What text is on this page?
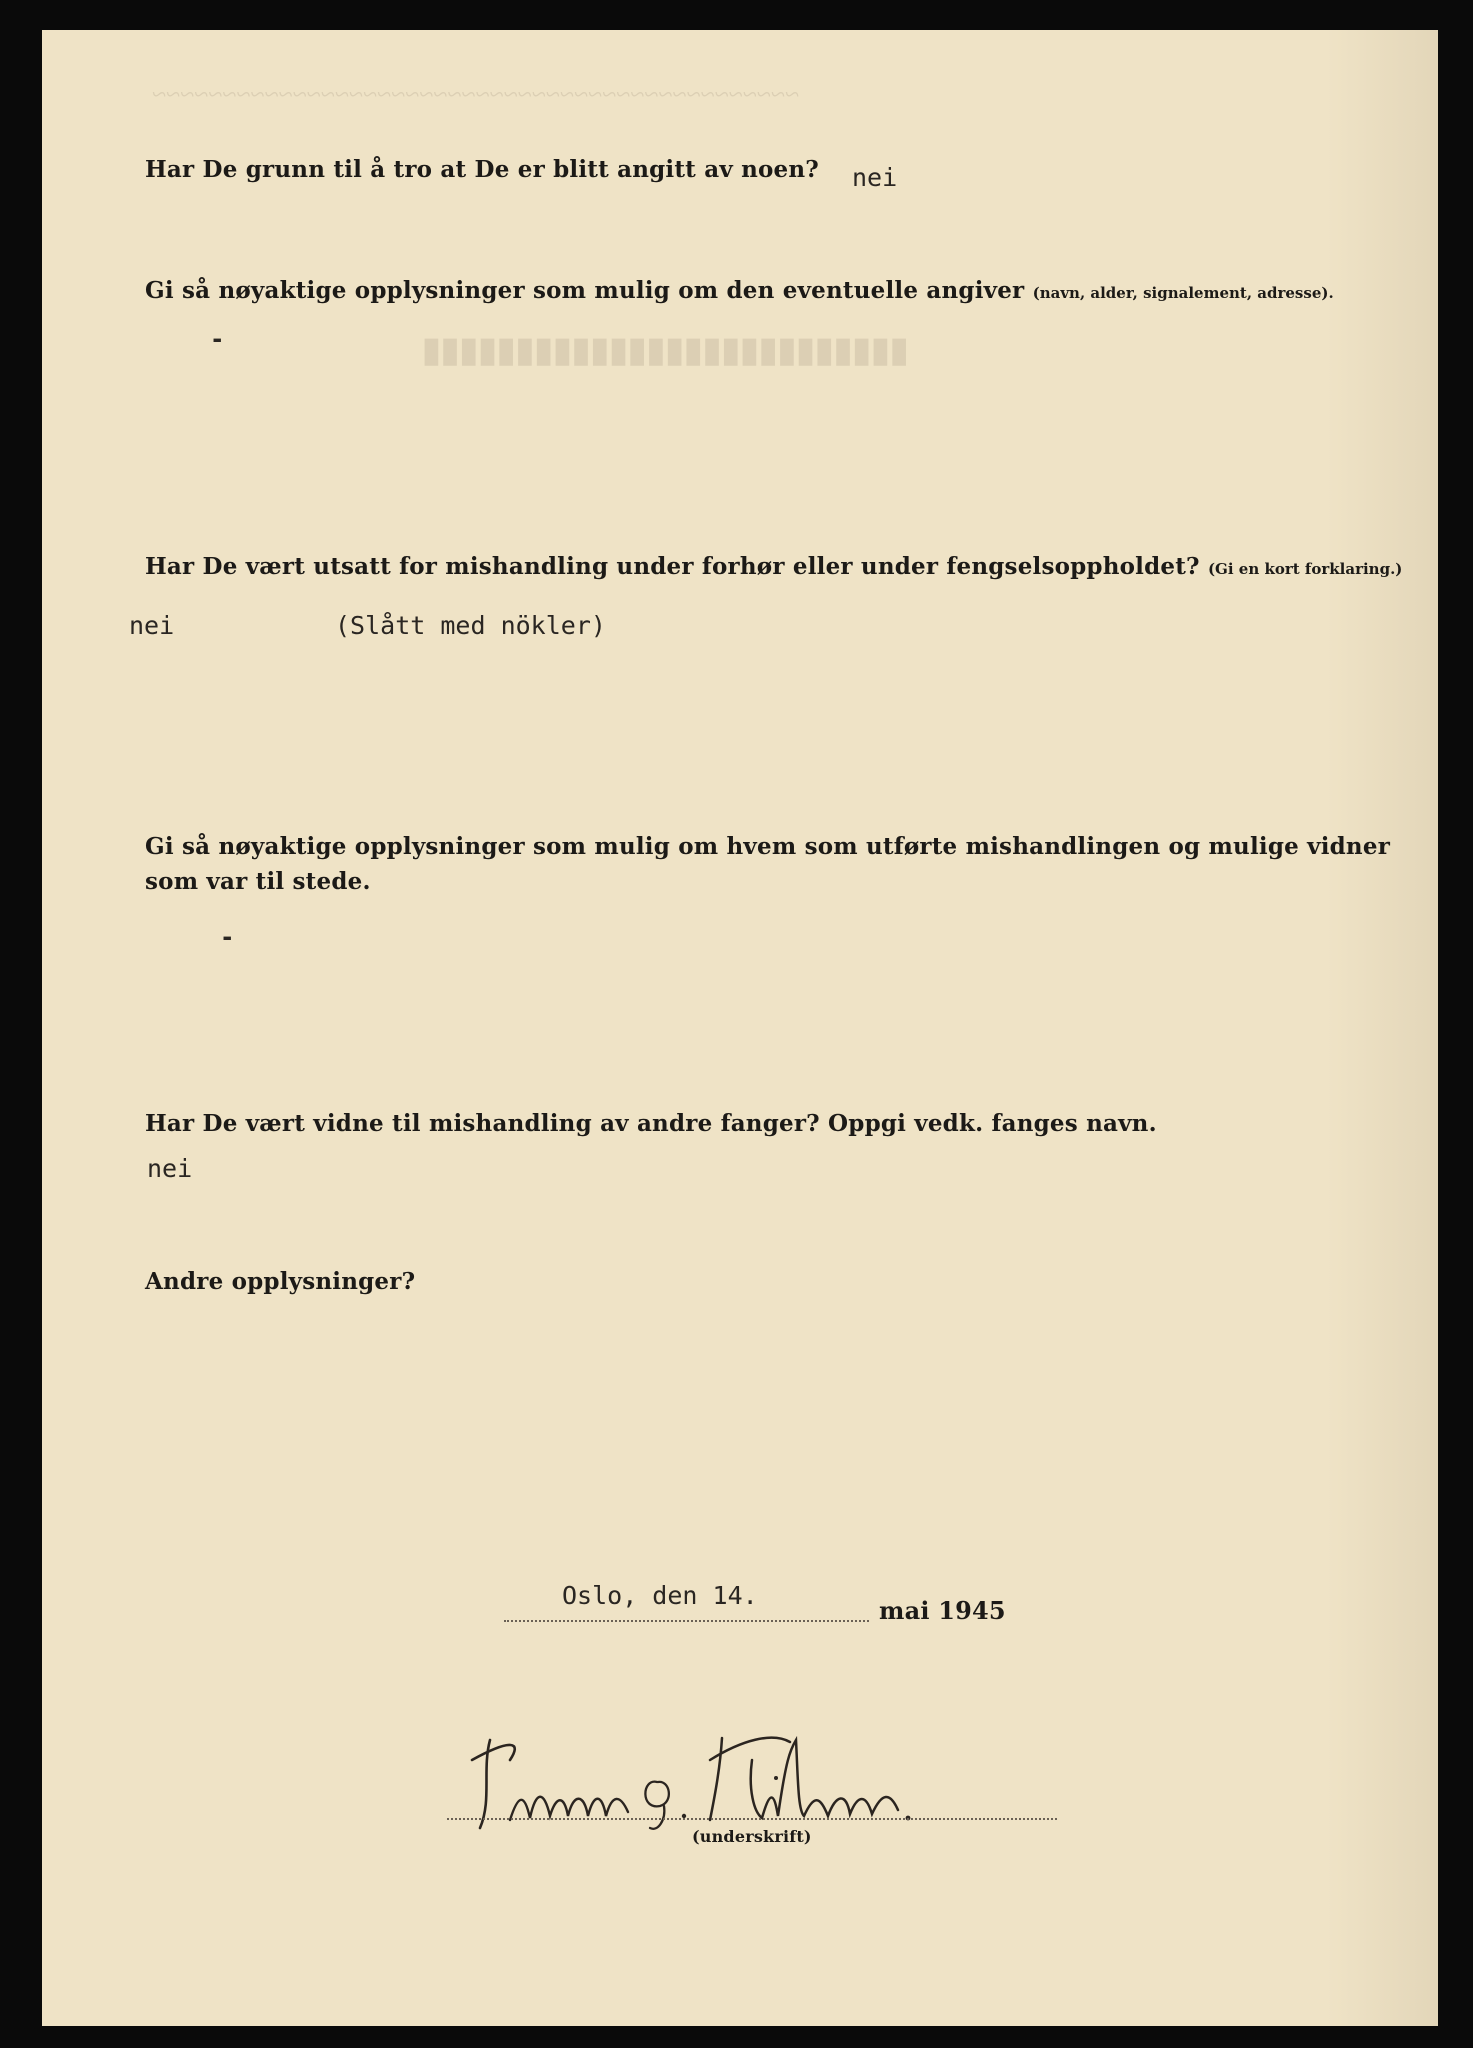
~~~~~~~~~~~~~~~~~~~~~~~~~~~~~~~~~~~~~~~~~~~~~~
▮▮▮▮▮▮▮▮▮▮▮▮▮▮▮▮▮▮▮▮▮▮▮▮▮▮
Har De grunn til å tro at De er blitt angitt av noen? nei
Gi så nøyaktige opplysninger som mulig om den eventuelle angiver (navn, alder, signalement, adresse).
-
Har De vært utsatt for mishandling under forhør eller under fengselsoppholdet? (Gi en kort forklaring.)
nei	(Slått med nökler)
Gi så nøyaktige opplysninger som mulig om hvem som utførte mishandlingen og mulige vidner
som var til stede.
-
Har De vært vidne til mishandling av andre fanger? Oppgi vedk. fanges navn.
nei
Andre opplysninger?
Oslo, den 14.
mai 1945
(underskrift)
